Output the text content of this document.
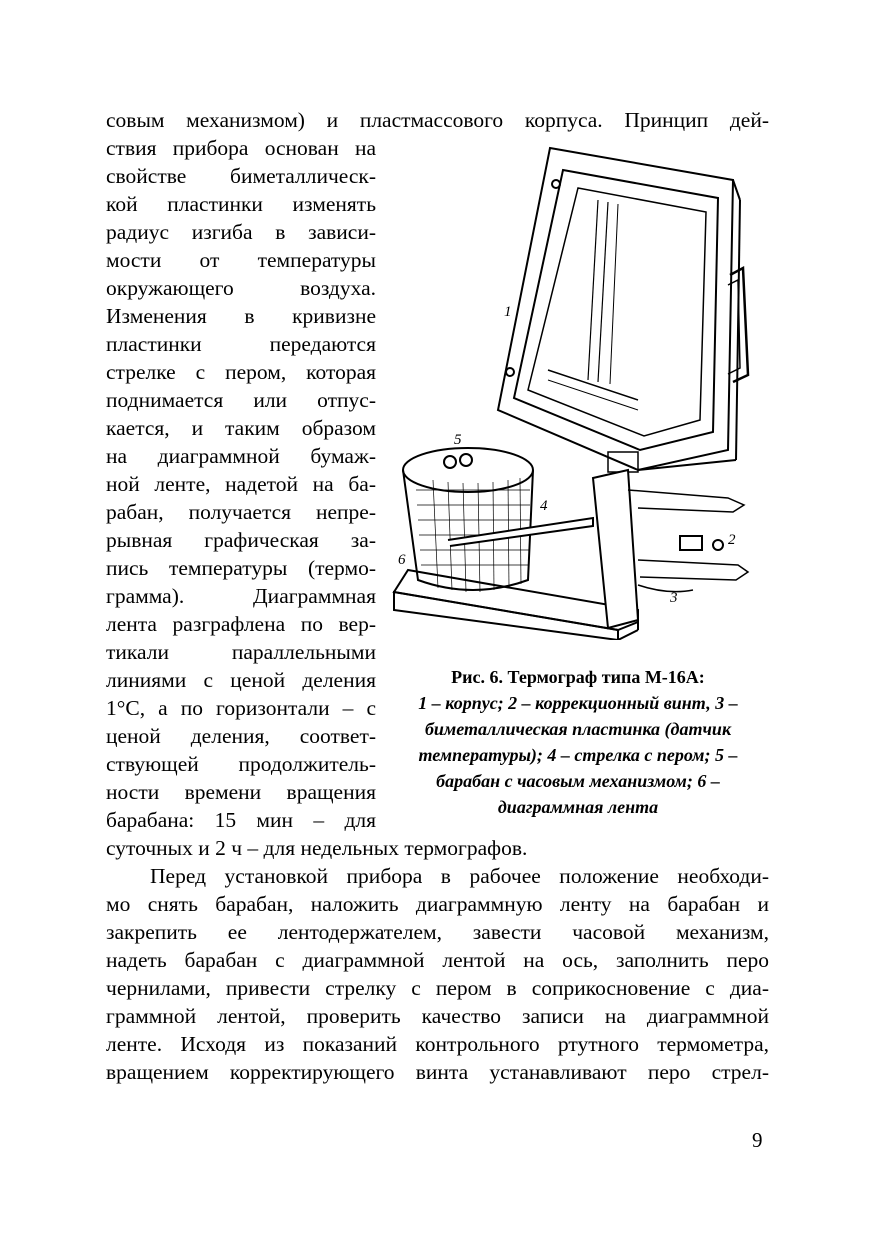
совым механизмом) и пластмассового корпуса. Принцип дей-
ствия прибора основан на
свойстве биметаллическ-
кой пластинки изменять
радиус изгиба в зависи-
мости от температуры
окружающего воздуха.
Изменения в кривизне
пластинки передаются
стрелке с пером, которая
поднимается или отпус-
кается, и таким образом
на диаграммной бумаж-
ной ленте, надетой на ба-
рабан, получается непре-
рывная графическая за-
пись температуры (термо-
грамма). Диаграммная
лента разграфлена по вер-
тикали параллельными
линиями с ценой деления
1°С, а по горизонтали – с
ценой деления, соответ-
ствующей продолжитель-
ности времени вращения
барабана: 15 мин – для
суточных и 2 ч – для недельных термографов.
Перед установкой прибора в рабочее положение необходи-
мо снять барабан, наложить диаграммную ленту на барабан и
закрепить ее лентодержателем, завести часовой механизм,
надеть барабан с диаграммной лентой на ось, заполнить перо
чернилами, привести стрелку с пером в соприкосновение с диа-
граммной лентой, проверить качество записи на диаграммной
ленте. Исходя из показаний контрольного ртутного термометра,
вращением корректирующего винта устанавливают перо стрел-
1
2
3
4
5
6
Рис. 6. Термограф типа М-16А:
1 – корпус; 2 – коррекционный винт, 3 –
биметаллическая пластинка (датчик
температуры); 4 – стрелка с пером; 5 –
барабан с часовым механизмом; 6 –
диаграммная лента
9
